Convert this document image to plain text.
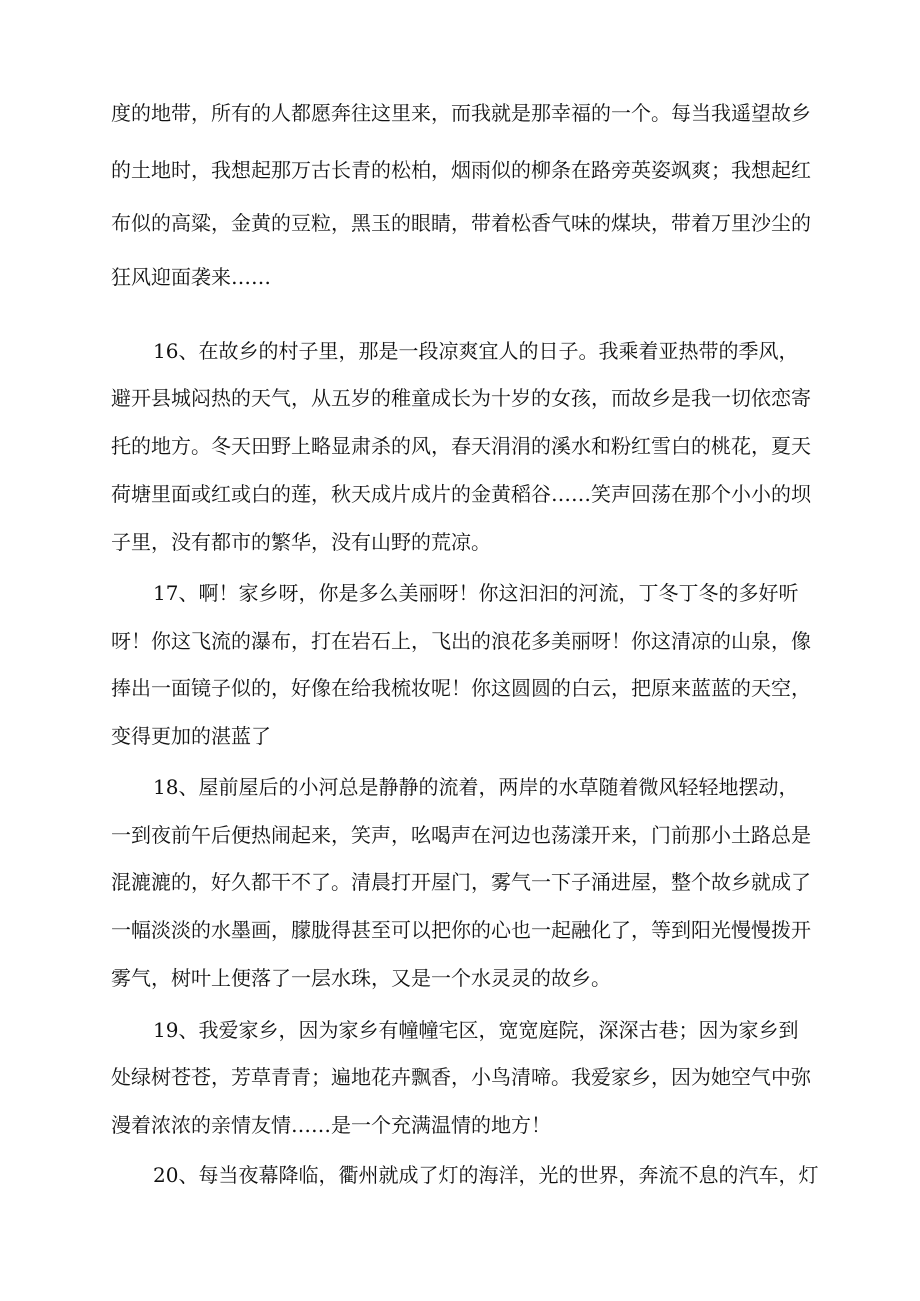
度的地带，所有的人都愿奔往这里来，而我就是那幸福的一个。每当我遥望故乡
的土地时，我想起那万古长青的松柏，烟雨似的柳条在路旁英姿飒爽；我想起红
布似的高粱，金黄的豆粒，黑玉的眼睛，带着松香气味的煤块，带着万里沙尘的
狂风迎面袭来……
16、在故乡的村子里，那是一段凉爽宜人的日子。我乘着亚热带的季风，
避开县城闷热的天气，从五岁的稚童成长为十岁的女孩，而故乡是我一切依恋寄
托的地方。冬天田野上略显肃杀的风，春天涓涓的溪水和粉红雪白的桃花，夏天
荷塘里面或红或白的莲，秋天成片成片的金黄稻谷……笑声回荡在那个小小的坝
子里，没有都市的繁华，没有山野的荒凉。
17、啊！家乡呀，你是多么美丽呀！你这汩汩的河流，丁冬丁冬的多好听
呀！你这飞流的瀑布，打在岩石上，飞出的浪花多美丽呀！你这清凉的山泉，像
捧出一面镜子似的，好像在给我梳妆呢！你这圆圆的白云，把原来蓝蓝的天空，
变得更加的湛蓝了
18、屋前屋后的小河总是静静的流着，两岸的水草随着微风轻轻地摆动，
一到夜前午后便热闹起来，笑声，吆喝声在河边也荡漾开来，门前那小土路总是
混漉漉的，好久都干不了。清晨打开屋门，雾气一下子涌进屋，整个故乡就成了
一幅淡淡的水墨画，朦胧得甚至可以把你的心也一起融化了，等到阳光慢慢拨开
雾气，树叶上便落了一层水珠，又是一个水灵灵的故乡。
19、我爱家乡，因为家乡有幢幢宅区，宽宽庭院，深深古巷；因为家乡到
处绿树苍苍，芳草青青；遍地花卉飘香，小鸟清啼。我爱家乡，因为她空气中弥
漫着浓浓的亲情友情……是一个充满温情的地方！
20、每当夜幕降临，衢州就成了灯的海洋，光的世界，奔流不息的汽车，灯
